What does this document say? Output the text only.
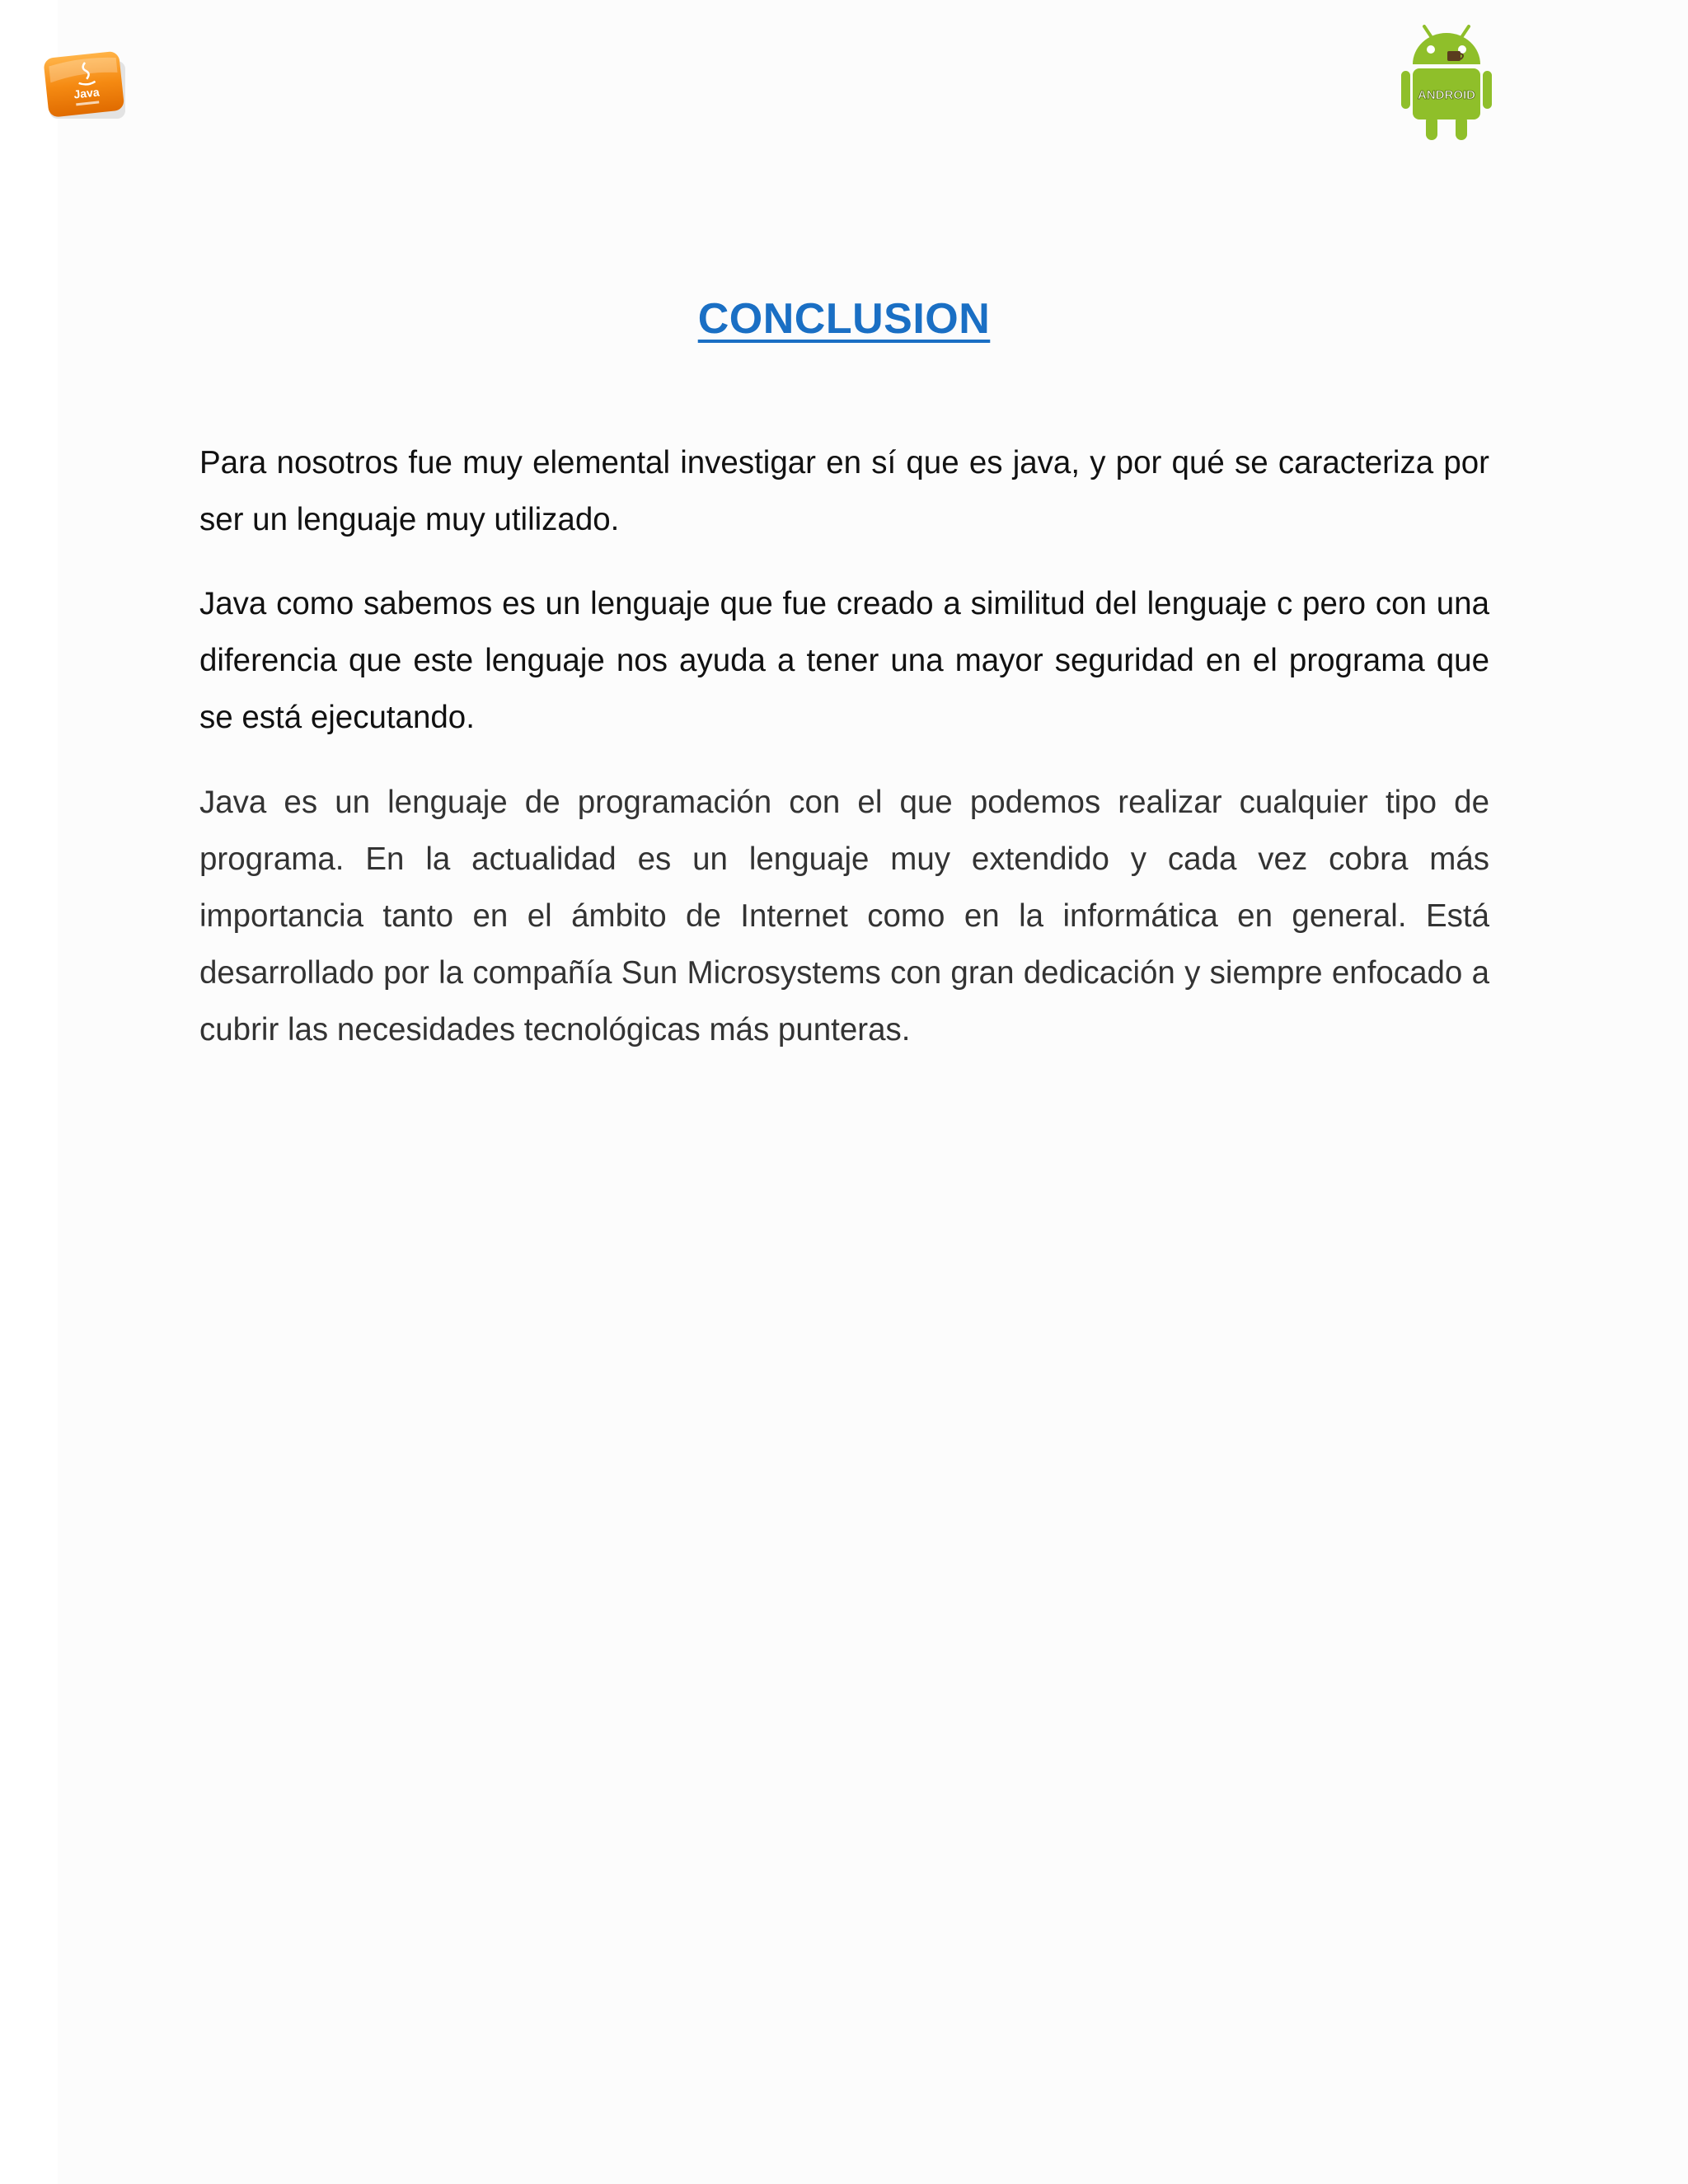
Java	ANDROID
CONCLUSION

Para nosotros fue muy elemental investigar en sí que es java, y por qué se caracteriza por ser un lenguaje muy utilizado.

Java como sabemos es un lenguaje que fue creado a similitud del lenguaje c pero con una diferencia que este lenguaje nos ayuda a tener una mayor seguridad en el programa que se está ejecutando.

Java es un lenguaje de programación con el que podemos realizar cualquier tipo de programa. En la actualidad es un lenguaje muy extendido y cada vez cobra más importancia tanto en el ámbito de Internet como en la informática en general. Está desarrollado por la compañía Sun Microsystems con gran dedicación y siempre enfocado a cubrir las necesidades tecnológicas más punteras.
